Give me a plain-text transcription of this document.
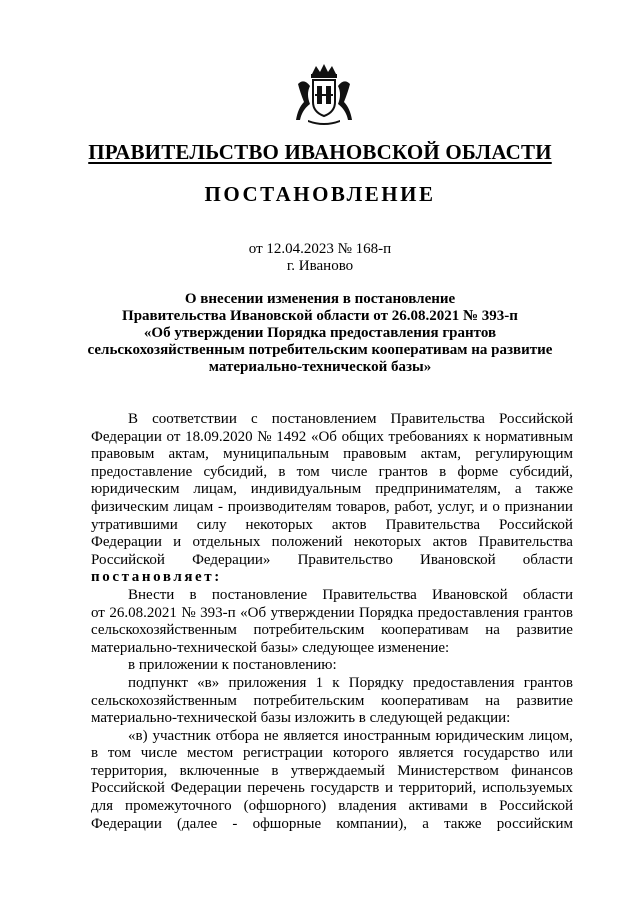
ПРАВИТЕЛЬСТВО ИВАНОВСКОЙ ОБЛАСТИ
ПОСТАНОВЛЕНИЕ
от 12.04.2023 № 168-п
г. Иваново
О внесении изменения в постановление
Правительства Ивановской области от 26.08.2021 № 393-п
«Об утверждении Порядка предоставления грантов
сельскохозяйственным потребительским кооперативам на развитие
материально-технической базы»
В соответствии с постановлением Правительства Российской
Федерации от 18.09.2020 № 1492 «Об общих требованиях к нормативным
правовым актам, муниципальным правовым актам, регулирующим
предоставление субсидий, в том числе грантов в форме субсидий,
юридическим лицам, индивидуальным предпринимателям, а также
физическим лицам - производителям товаров, работ, услуг, и о признании
утратившими силу некоторых актов Правительства Российской
Федерации и отдельных положений некоторых актов Правительства
Российской Федерации» Правительство Ивановской области
постановляет:
Внести в постановление Правительства Ивановской области
от 26.08.2021 № 393-п «Об утверждении Порядка предоставления грантов
сельскохозяйственным потребительским кооперативам на развитие
материально-технической базы» следующее изменение:
в приложении к постановлению:
подпункт «в» приложения 1 к Порядку предоставления грантов
сельскохозяйственным потребительским кооперативам на развитие
материально-технической базы изложить в следующей редакции:
«в) участник отбора не является иностранным юридическим лицом,
в том числе местом регистрации которого является государство или
территория, включенные в утверждаемый Министерством финансов
Российской Федерации перечень государств и территорий, используемых
для промежуточного (офшорного) владения активами в Российской
Федерации (далее - офшорные компании), а также российским
